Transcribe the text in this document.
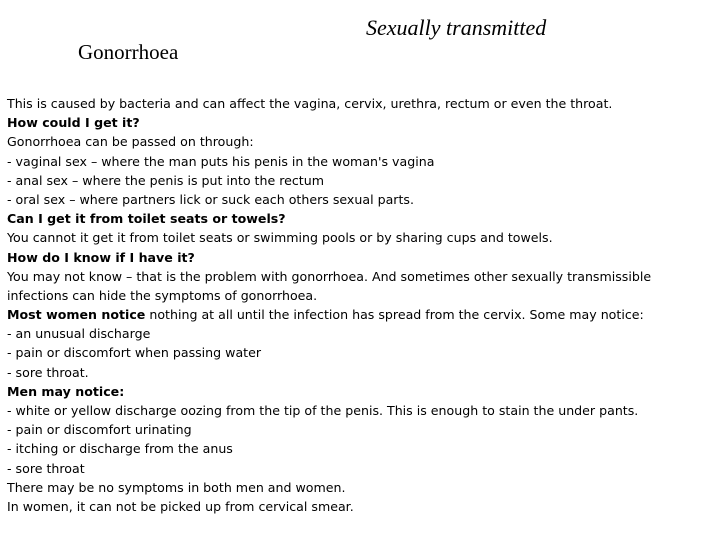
Sexually transmitted
Gonorrhoea
This is caused by bacteria and can affect the vagina, cervix, urethra, rectum or even the throat.
How could I get it?
Gonorrhoea can be passed on through:
- vaginal sex – where the man puts his penis in the woman's vagina
- anal sex – where the penis is put into the rectum
- oral sex – where partners lick or suck each others sexual parts.
Can I get it from toilet seats or towels?
You cannot it get it from toilet seats or swimming pools or by sharing cups and towels.
How do I know if I have it?
You may not know – that is the problem with gonorrhoea. And sometimes other sexually transmissible infections can hide the symptoms of gonorrhoea.
Most women notice nothing at all until the infection has spread from the cervix. Some may notice:
- an unusual discharge
- pain or discomfort when passing water
- sore throat.
Men may notice:
- white or yellow discharge oozing from the tip of the penis. This is enough to stain the under pants.
- pain or discomfort urinating
- itching or discharge from the anus
- sore throat
There may be no symptoms in both men and women.
In women, it can not be picked up from cervical smear.
